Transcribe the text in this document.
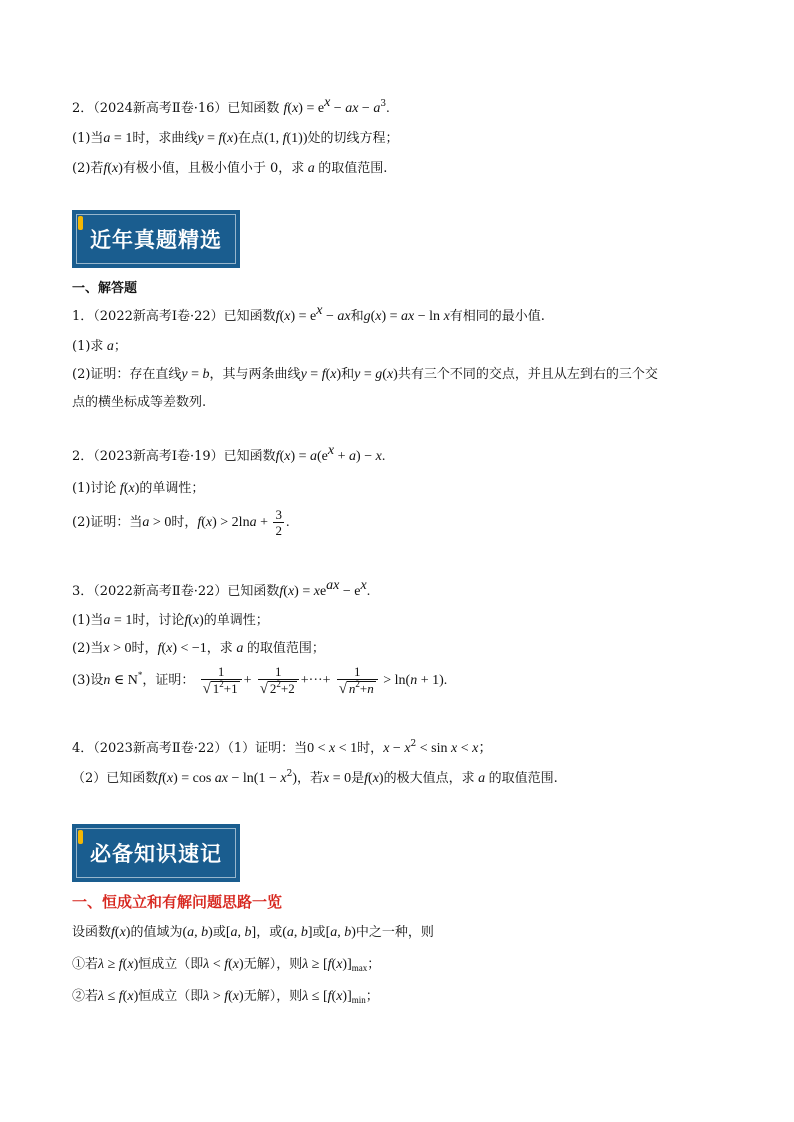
2．（2024新高考Ⅱ卷·16）已知函数 $f(x) = e^x$ − ax − $a^3$.
(1)当a = 1时，求曲线y = f(x)在点(1, f(1))处的切线方程；
(2)若f(x)有极小值，且极小值小于 0，求 a 的取值范围.
近年真题精选
一、解答题
1．（2022新高考Ⅰ卷·22）已知函数$f(x) = e^x$ − ax和g(x) = ax − ln x有相同的最小值.
(1)求 a；
(2)证明：存在直线y = b，其与两条曲线y = f(x)和y = g(x)共有三个不同的交点，并且从左到右的三个交
点的横坐标成等差数列.
2．（2023新高考Ⅰ卷·19）已知函数$f(x) = a(e^x + a) - x$.
(1)讨论 f(x)的单调性；
(2)证明：当a > 0时，$f(x) > 2\ln a + \frac{3}{2}$ .
3．（2022新高考Ⅱ卷·22）已知函数$f(x) = xe^{ax} - e^x$.
(1)当a = 1时，讨论f(x)的单调性；
(2)当x > 0时，f(x) < −1，求 a 的取值范围；
(3)设n ∈ N*，证明： $\frac{1}{√ 1^2+1} + \frac{1}{√ 2^2+2}$ +···+ $\frac{1}{√ n^2+n} > \ln(n + 1)$.
4．（2023新高考Ⅱ卷·22）（1）证明：当0 < x < 1时，$x - x^2 < \sin x < x$；
（2）已知函数f(x) = cos ax − $\ln(1 - x^2)$，若x = 0是f(x)的极大值点，求 a 的取值范围.
必备知识速记
一、恒成立和有解问题思路一览
设函数f(x)的值域为(a, b)或[a, b]，或(a, b]或[a, b)中之一种，则
①若λ ≥ f(x)恒成立（即λ < f(x)无解），则$\lambda \ge [f(x)]_{max}$；
②若λ ≤ f(x)恒成立（即λ > f(x)无解），则$\lambda \le [f(x)]_{min}$；
